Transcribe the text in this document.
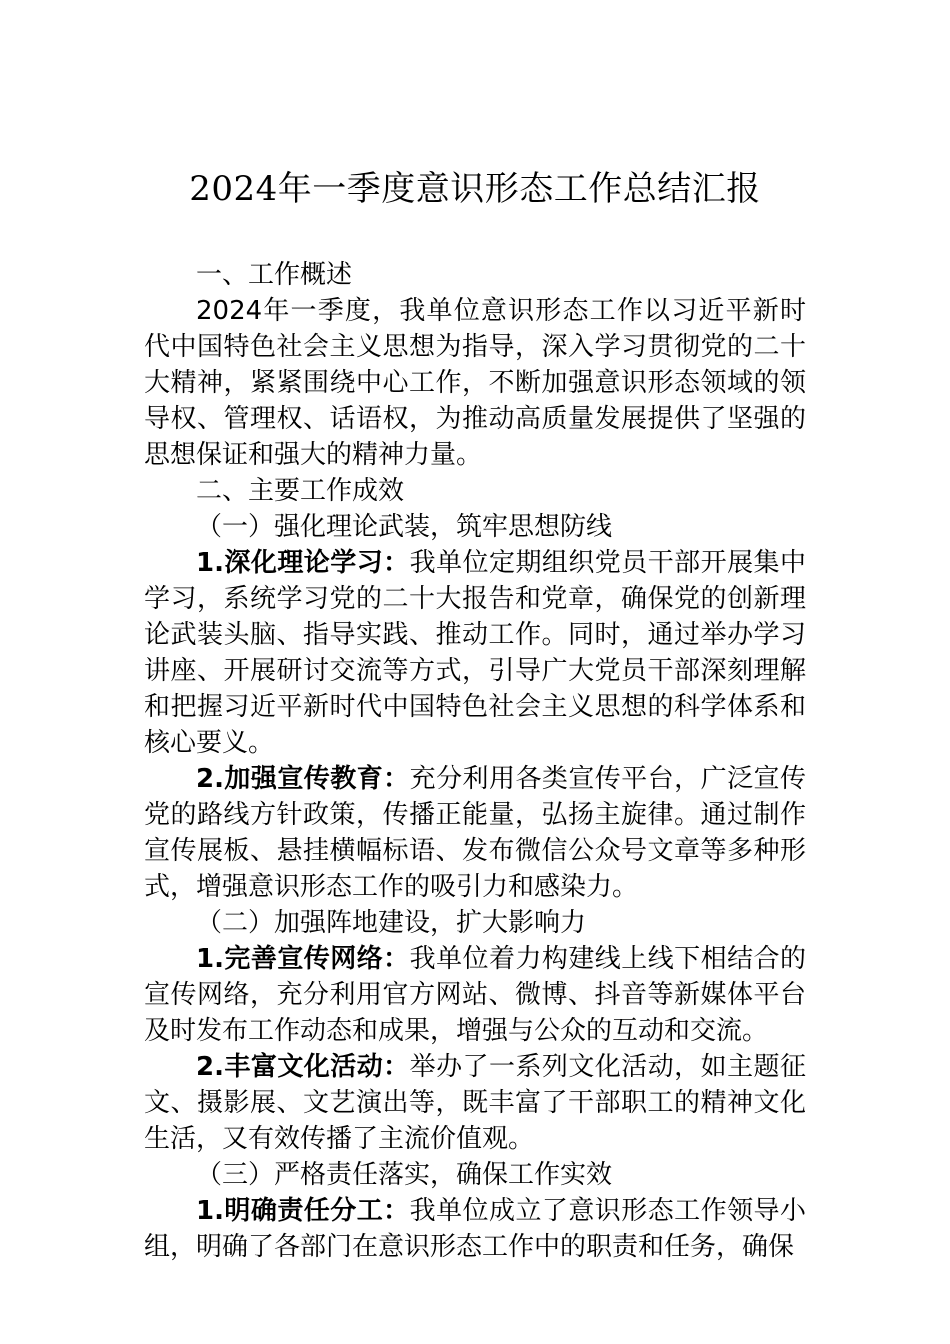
2024年一季度意识形态工作总结汇报

一、工作概述

2024年一季度，我单位意识形态工作以习近平新时代中国特色社会主义思想为指导，深入学习贯彻党的二十大精神，紧紧围绕中心工作，不断加强意识形态领域的领导权、管理权、话语权，为推动高质量发展提供了坚强的思想保证和强大的精神力量。

二、主要工作成效

（一）强化理论武装，筑牢思想防线

1.深化理论学习：我单位定期组织党员干部开展集中学习，系统学习党的二十大报告和党章，确保党的创新理论武装头脑、指导实践、推动工作。同时，通过举办学习讲座、开展研讨交流等方式，引导广大党员干部深刻理解和把握习近平新时代中国特色社会主义思想的科学体系和核心要义。

2.加强宣传教育：充分利用各类宣传平台，广泛宣传党的路线方针政策，传播正能量，弘扬主旋律。通过制作宣传展板、悬挂横幅标语、发布微信公众号文章等多种形式，增强意识形态工作的吸引力和感染力。

（二）加强阵地建设，扩大影响力

1.完善宣传网络：我单位着力构建线上线下相结合的宣传网络，充分利用官方网站、微博、抖音等新媒体平台及时发布工作动态和成果，增强与公众的互动和交流。

2.丰富文化活动：举办了一系列文化活动，如主题征文、摄影展、文艺演出等，既丰富了干部职工的精神文化生活，又有效传播了主流价值观。

（三）严格责任落实，确保工作实效

1.明确责任分工：我单位成立了意识形态工作领导小组，明确了各部门在意识形态工作中的职责和任务，确保
